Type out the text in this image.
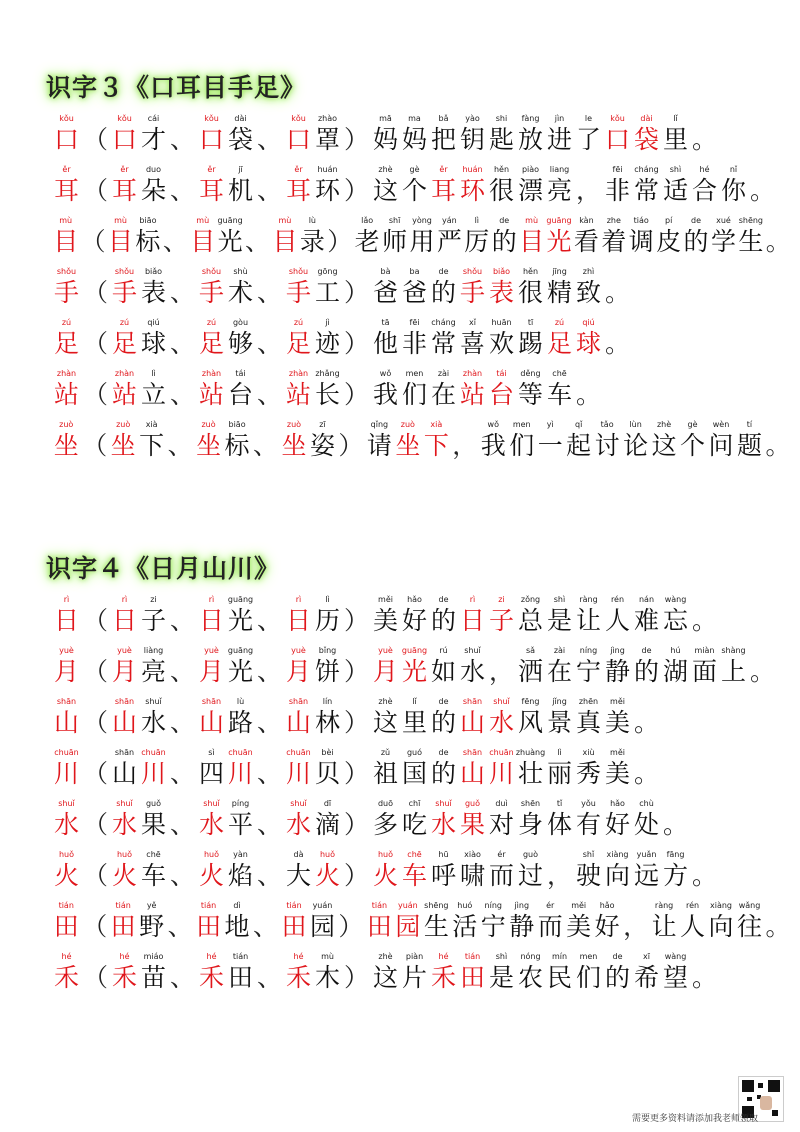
识字３《口耳目手足》
kǒu
口 （
kǒu
口
cái
才 、
kǒu
口
dài
袋 、
kǒu
口
zhào
罩 ）
mā
妈
ma
妈
bǎ
把
yào
钥
shi
匙
fàng
放
jìn
进
le
了
kǒu
口
dài
袋
lǐ
里 。
ěr
耳 （
ěr
耳
duo
朵 、
ěr
耳
jī
机 、
ěr
耳
huán
环 ）
zhè
这
gè
个
ěr
耳
huán
环
hěn
很
piào
漂
liang
亮 ，
fēi
非
cháng
常
shì
适
hé
合
nǐ
你 。
mù
目 （
mù
目
biāo
标 、
mù
目
guāng
光 、
mù
目
lù
录 ）
lǎo
老
shī
师
yòng
用
yán
严
lì
厉
de
的
mù
目
guāng
光
kàn
看
zhe
着
tiáo
调
pí
皮
de
的
xué
学
shēng
生 。
shǒu
手 （
shǒu
手
biǎo
表 、
shǒu
手
shù
术 、
shǒu
手
gōng
工 ）
bà
爸
ba
爸
de
的
shǒu
手
biǎo
表
hěn
很
jīng
精
zhì
致 。
zú
足 （
zú
足
qiú
球 、
zú
足
gòu
够 、
zú
足
jì
迹 ）
tā
他
fēi
非
cháng
常
xǐ
喜
huān
欢
tī
踢
zú
足
qiú
球 。
zhàn
站 （
zhàn
站
lì
立 、
zhàn
站
tái
台 、
zhàn
站
zhǎng
长 ）
wǒ
我
men
们
zài
在
zhàn
站
tái
台
děng
等
chē
车 。
zuò
坐 （
zuò
坐
xià
下 、
zuò
坐
biāo
标 、
zuò
坐
zī
姿 ）
qǐng
请
zuò
坐
xià
下 ，
wǒ
我
men
们
yì
一
qǐ
起
tǎo
讨
lùn
论
zhè
这
gè
个
wèn
问
tí
题 。
识字４《日月山川》
rì
日 （
rì
日
zi
子 、
rì
日
guāng
光 、
rì
日
lì
历 ）
měi
美
hǎo
好
de
的
rì
日
zi
子
zǒng
总
shì
是
ràng
让
rén
人
nán
难
wàng
忘 。
yuè
月 （
yuè
月
liàng
亮 、
yuè
月
guāng
光 、
yuè
月
bǐng
饼 ）
yuè
月
guāng
光
rú
如
shuǐ
水 ，
sǎ
洒
zài
在
níng
宁
jìng
静
de
的
hú
湖
miàn
面
shàng
上 。
shān
山 （
shān
山
shuǐ
水 、
shān
山
lù
路 、
shān
山
lín
林 ）
zhè
这
lǐ
里
de
的
shān
山
shuǐ
水
fēng
风
jǐng
景
zhēn
真
měi
美 。
chuān
川 （
shān
山
chuān
川 、
sì
四
chuān
川 、
chuān
川
bèi
贝 ）
zǔ
祖
guó
国
de
的
shān
山
chuān
川
zhuàng
壮
lì
丽
xiù
秀
měi
美 。
shuǐ
水 （
shuǐ
水
guǒ
果 、
shuǐ
水
píng
平 、
shuǐ
水
dī
滴 ）
duō
多
chī
吃
shuǐ
水
guǒ
果
duì
对
shēn
身
tǐ
体
yǒu
有
hǎo
好
chù
处 。
huǒ
火 （
huǒ
火
chē
车 、
huǒ
火
yàn
焰 、
dà
大
huǒ
火 ）
huǒ
火
chē
车
hū
呼
xiào
啸
ér
而
guò
过 ，
shǐ
驶
xiàng
向
yuǎn
远
fāng
方 。
tián
田 （
tián
田
yě
野 、
tián
田
dì
地 、
tián
田
yuán
园 ）
tián
田
yuán
园
shēng
生
huó
活
níng
宁
jìng
静
ér
而
měi
美
hǎo
好 ，
ràng
让
rén
人
xiàng
向
wǎng
往 。
hé
禾 （
hé
禾
miáo
苗 、
hé
禾
tián
田 、
hé
禾
mù
木 ）
zhè
这
piàn
片
hé
禾
tián
田
shì
是
nóng
农
mín
民
men
们
de
的
xī
希
wàng
望 。
需要更多资料请添加我老师领取
